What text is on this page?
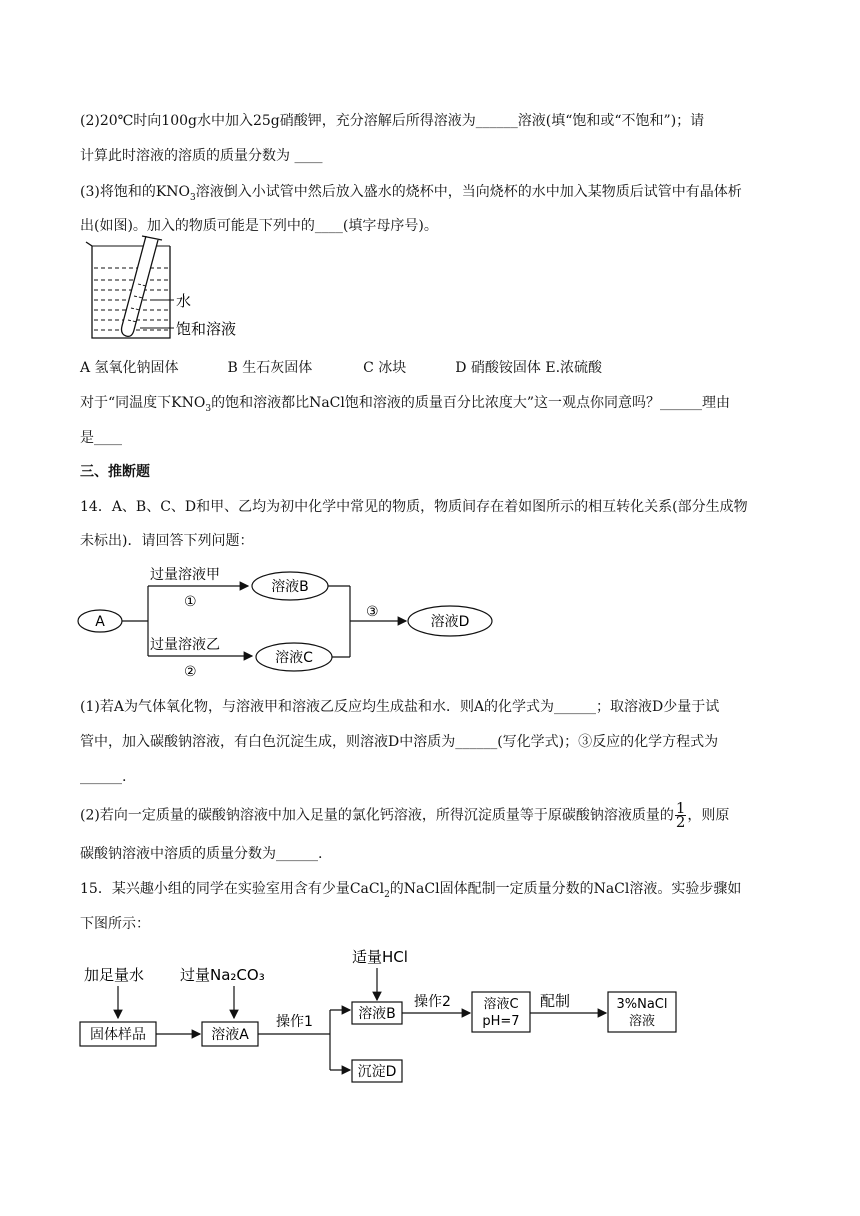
(2)20℃时向100g水中加入25g硝酸钾，充分溶解后所得溶液为______溶液(填“饱和或“不饱和”)；请
计算此时溶液的溶质的质量分数为 ____
(3)将饱和的$KNO_3$溶液倒入小试管中然后放入盛水的烧杯中，当向烧杯的水中加入某物质后试管中有晶体析
出(如图)。加入的物质可能是下列中的____(填字母序号)。
水
饱和溶液
A 氢氧化钠固体	B 生石灰固体	C 冰块	D 硝酸铵固体 E.浓硫酸
对于“同温度下$KNO_3$的饱和溶液都比NaCl饱和溶液的质量百分比浓度大”这一观点你同意吗？______理由
是____
三、推断题
14．A、B、C、D和甲、乙均为初中化学中常见的物质，物质间存在着如图所示的相互转化关系(部分生成物
未标出)．请回答下列问题：
A
过量溶液甲
①
过量溶液乙
②
溶液B
溶液C
③
溶液D
(1)若A为气体氧化物，与溶液甲和溶液乙反应均生成盐和水．则A的化学式为______；取溶液D少量于试
管中，加入碳酸钠溶液，有白色沉淀生成，则溶液D中溶质为______(写化学式)；③反应的化学方程式为
______.
(2)若向一定质量的碳酸钠溶液中加入足量的氯化钙溶液，所得沉淀质量等于原碳酸钠溶液质量的 $\frac{1}{2}$ ，则原
碳酸钠溶液中溶质的质量分数为______.
15．某兴趣小组的同学在实验室用含有少量CaCl$_2$的NaCl固体配制一定质量分数的NaCl溶液。实验步骤如
下图所示：
加足量水 过量Na₂CO₃
适量HCl
固体样品	溶液A
操作1	溶液B
沉淀D
操作2	溶液C
pH=7
配制	3%NaCl
溶液
